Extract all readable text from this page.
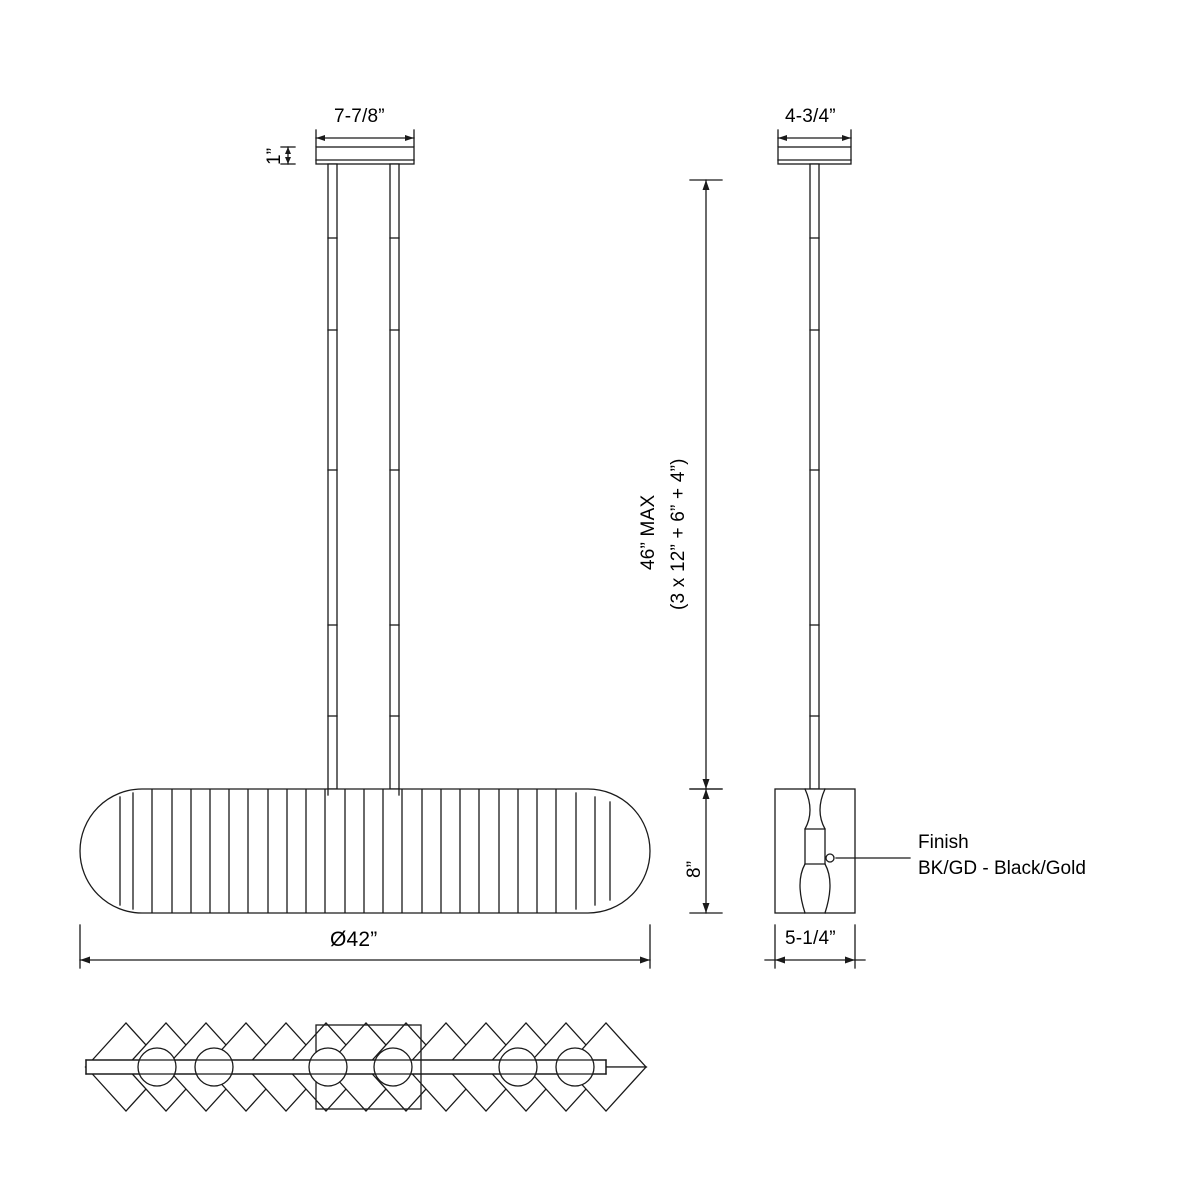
7-7/8”
1”
4-3/4”
46” MAX (3 x 12” + 6” + 4”)
8”
Ø42”	5-1/4”
Finish
BK/GD - Black/Gold
